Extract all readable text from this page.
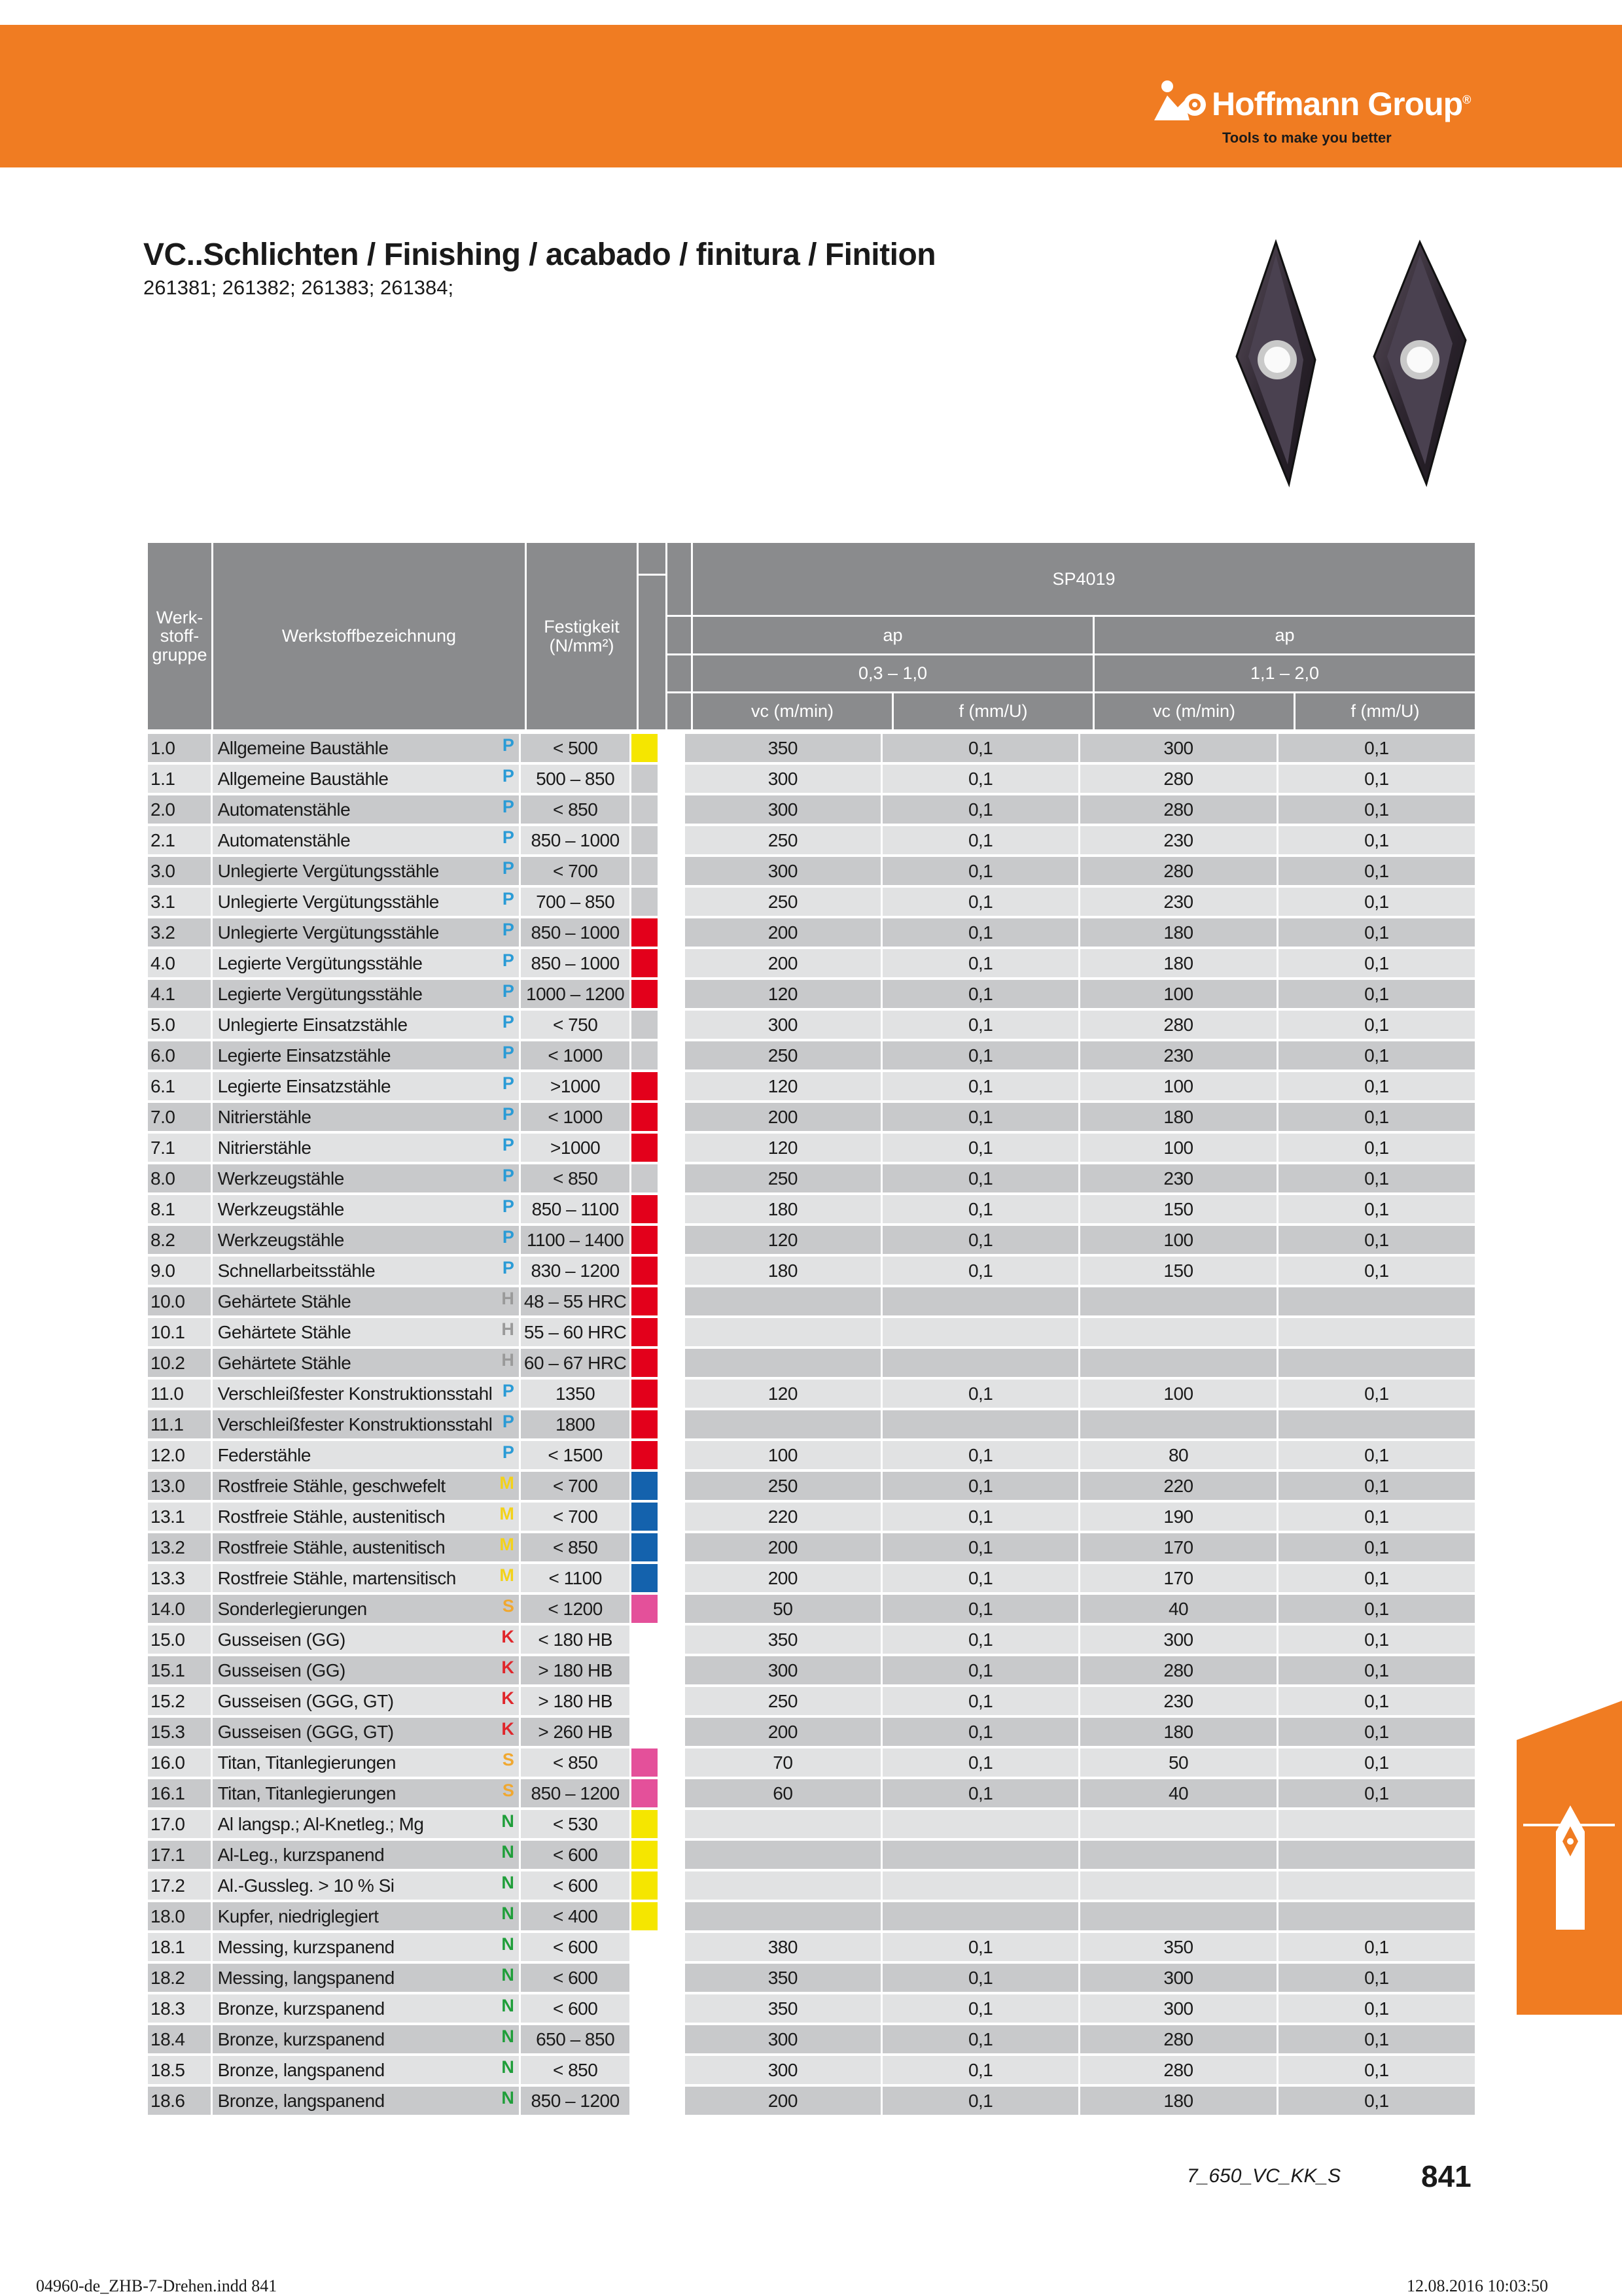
Hoffmann Group®
Tools to make you better
VC..Schlichten / Finishing / acabado / finitura / Finition
261381; 261382; 261383; 261384;
Werk-
stoff-
gruppe
Werkstoffbezeichnung	Festigkeit
(N/mm²)
SP4019
ap	ap
0,3 – 1,0	1,1 – 2,0
vc (m/min)	f (mm/U)	vc (m/min)	f (mm/U)
1.0	Allgemeine Baustähle	P	< 500	350	0,1	300	0,1
1.1	Allgemeine Baustähle	P	500 – 850	300	0,1	280	0,1
2.0	Automatenstähle	P	< 850	300	0,1	280	0,1
2.1	Automatenstähle	P 850 – 1000	250	0,1	230	0,1
3.0	Unlegierte Vergütungsstähle	P	< 700	300	0,1	280	0,1
3.1	Unlegierte Vergütungsstähle	P	700 – 850	250	0,1	230	0,1
3.2	Unlegierte Vergütungsstähle	P 850 – 1000	200	0,1	180	0,1
4.0	Legierte Vergütungsstähle	P 850 – 1000	200	0,1	180	0,1
4.1	Legierte Vergütungsstähle	P 1000 – 1200	120	0,1	100	0,1
5.0	Unlegierte Einsatzstähle	P	< 750	300	0,1	280	0,1
6.0	Legierte Einsatzstähle	P	< 1000	250	0,1	230	0,1
6.1	Legierte Einsatzstähle	P	>1000	120	0,1	100	0,1
7.0	Nitrierstähle	P	< 1000	200	0,1	180	0,1
7.1	Nitrierstähle	P	>1000	120	0,1	100	0,1
8.0	Werkzeugstähle	P	< 850	250	0,1	230	0,1
8.1	Werkzeugstähle	P 850 – 1100	180	0,1	150	0,1
8.2	Werkzeugstähle	P 1100 – 1400	120	0,1	100	0,1
9.0	Schnellarbeitsstähle	P 830 – 1200	180	0,1	150	0,1
10.0	Gehärtete Stähle	H 48 – 55 HRC
10.1	Gehärtete Stähle	H 55 – 60 HRC
10.2	Gehärtete Stähle	H 60 – 67 HRC
11.0	Verschleißfester Konstruktionsstahl P	1350	120	0,1	100	0,1
11.1	Verschleißfester Konstruktionsstahl P	1800
12.0	Federstähle	P	< 1500	100	0,1	80	0,1
13.0	Rostfreie Stähle, geschwefelt	M	< 700	250	0,1	220	0,1
13.1	Rostfreie Stähle, austenitisch	M	< 700	220	0,1	190	0,1
13.2	Rostfreie Stähle, austenitisch	M	< 850	200	0,1	170	0,1
13.3	Rostfreie Stähle, martensitisch M	< 1100	200	0,1	170	0,1
14.0	Sonderlegierungen	S	< 1200	50	0,1	40	0,1
15.0	Gusseisen (GG)	K	< 180 HB	350	0,1	300	0,1
15.1	Gusseisen (GG)	K	> 180 HB	300	0,1	280	0,1
15.2	Gusseisen (GGG, GT)	K	> 180 HB	250	0,1	230	0,1
15.3	Gusseisen (GGG, GT)	K	> 260 HB	200	0,1	180	0,1
16.0	Titan, Titanlegierungen	S	< 850	70	0,1	50	0,1
16.1	Titan, Titanlegierungen	S 850 – 1200	60	0,1	40	0,1
17.0	Al langsp.; Al-Knetleg.; Mg	N	< 530
17.1	Al-Leg., kurzspanend	N	< 600
17.2	Al.-Gussleg. > 10 % Si	N	< 600
18.0	Kupfer, niedriglegiert	N	< 400
18.1	Messing, kurzspanend	N	< 600	380	0,1	350	0,1
18.2	Messing, langspanend	N	< 600	350	0,1	300	0,1
18.3	Bronze, kurzspanend	N	< 600	350	0,1	300	0,1
18.4	Bronze, kurzspanend	N	650 – 850	300	0,1	280	0,1
18.5	Bronze, langspanend	N	< 850	300	0,1	280	0,1
18.6	Bronze, langspanend	N 850 – 1200	200	0,1	180	0,1
7_650_VC_KK_S	841
04960-de_ZHB-7-Drehen.indd 841	12.08.2016 10:03:50
